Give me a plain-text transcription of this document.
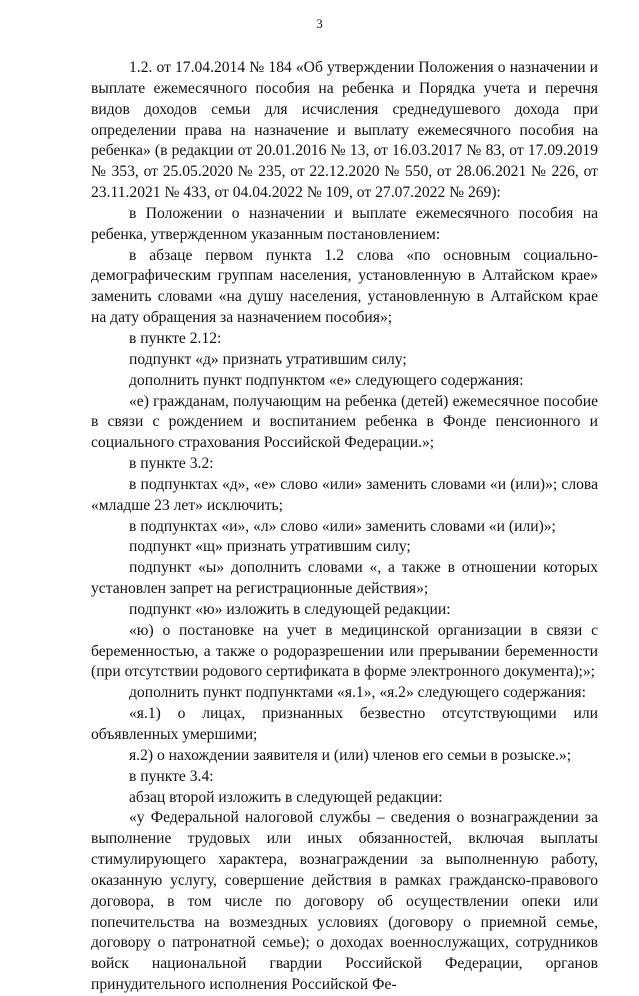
3

1.2. от 17.04.2014 № 184 «Об утверждении Положения о назначении и выплате ежемесячного пособия на ребенка и Порядка учета и перечня видов доходов семьи для исчисления среднедушевого дохода при определении права на назначение и выплату ежемесячного пособия на ребенка» (в редакции от 20.01.2016 № 13, от 16.03.2017 № 83, от 17.09.2019 № 353, от 25.05.2020 № 235, от 22.12.2020 № 550, от 28.06.2021 № 226, от 23.11.2021 № 433, от 04.04.2022 № 109, от 27.07.2022 № 269):

в Положении о назначении и выплате ежемесячного пособия на ребенка, утвержденном указанным постановлением:

в абзаце первом пункта 1.2 слова «по основным социально-демографическим группам населения, установленную в Алтайском крае» заменить словами «на душу населения, установленную в Алтайском крае на дату обращения за назначением пособия»;

в пункте 2.12:

подпункт «д» признать утратившим силу;

дополнить пункт подпунктом «е» следующего содержания:

«е) гражданам, получающим на ребенка (детей) ежемесячное пособие в связи с рождением и воспитанием ребенка в Фонде пенсионного и социального страхования Российской Федерации.»;

в пункте 3.2:

в подпунктах «д», «е» слово «или» заменить словами «и (или)»; слова «младше 23 лет» исключить;

в подпунктах «и», «л» слово «или» заменить словами «и (или)»;

подпункт «щ» признать утратившим силу;

подпункт «ы» дополнить словами «, а также в отношении которых установлен запрет на регистрационные действия»;

подпункт «ю» изложить в следующей редакции:

«ю) о постановке на учет в медицинской организации в связи с беременностью, а также о родоразрешении или прерывании беременности (при отсутствии родового сертификата в форме электронного документа);»;

дополнить пункт подпунктами «я.1», «я.2» следующего содержания:

«я.1) о лицах, признанных безвестно отсутствующими или объявленных умершими;

я.2) о нахождении заявителя и (или) членов его семьи в розыске.»;

в пункте 3.4:

абзац второй изложить в следующей редакции:

«у Федеральной налоговой службы – сведения о вознаграждении за выполнение трудовых или иных обязанностей, включая выплаты стимулирующего характера, вознаграждении за выполненную работу, оказанную услугу, совершение действия в рамках гражданско-правового договора, в том числе по договору об осуществлении опеки или попечительства на возмездных условиях (договору о приемной семье, договору о патронатной семье); о доходах военнослужащих, сотрудников войск национальной гвардии Российской Федерации, органов принудительного исполнения Российской Фе-
